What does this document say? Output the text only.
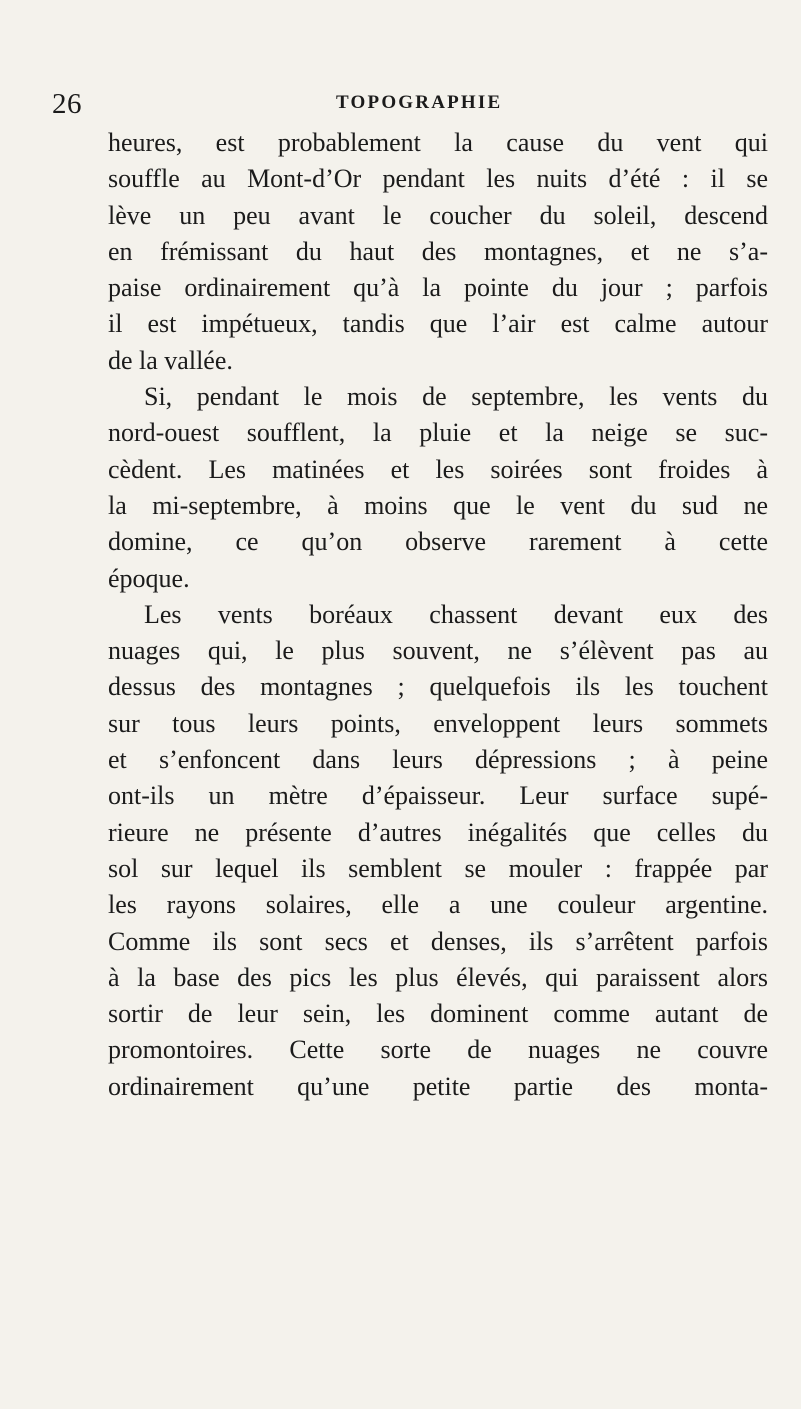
26	TOPOGRAPHIE
heures, est probablement la cause du vent qui
souffle au Mont-d’Or pendant les nuits d’été : il se
lève un peu avant le coucher du soleil, descend
en frémissant du haut des montagnes, et ne s’a-
paise ordinairement qu’à la pointe du jour ; parfois
il est impétueux, tandis que l’air est calme autour
de la vallée.
Si, pendant le mois de septembre, les vents du
nord-ouest soufflent, la pluie et la neige se suc-
cèdent. Les matinées et les soirées sont froides à
la mi-septembre, à moins que le vent du sud ne
domine, ce qu’on observe rarement à cette
époque.
Les vents boréaux chassent devant eux des
nuages qui, le plus souvent, ne s’élèvent pas au
dessus des montagnes ; quelquefois ils les touchent
sur tous leurs points, enveloppent leurs sommets
et s’enfoncent dans leurs dépressions ; à peine
ont-ils un mètre d’épaisseur. Leur surface supé-
rieure ne présente d’autres inégalités que celles du
sol sur lequel ils semblent se mouler : frappée par
les rayons solaires, elle a une couleur argentine.
Comme ils sont secs et denses, ils s’arrêtent parfois
à la base des pics les plus élevés, qui paraissent alors
sortir de leur sein, les dominent comme autant de
promontoires. Cette sorte de nuages ne couvre
ordinairement qu’une petite partie des monta-
